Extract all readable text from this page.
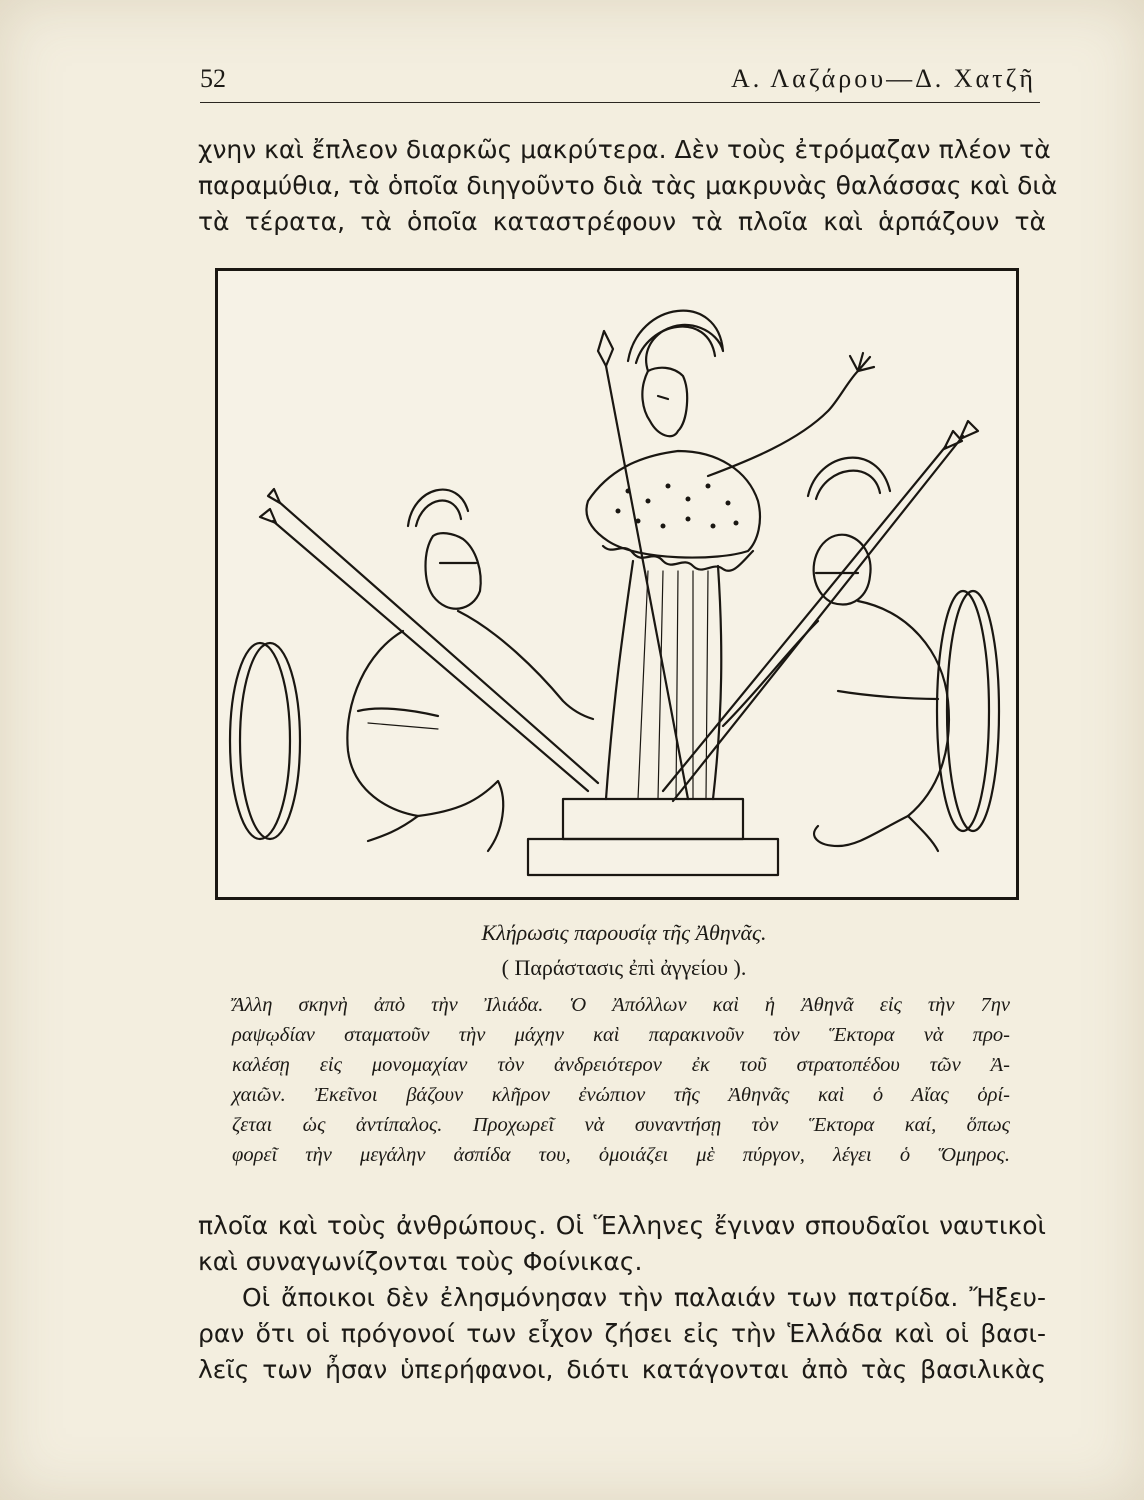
52	Α. Λαζάρου—Δ. Χατζῆ

χνην καὶ ἔπλεον διαρκῶς μακρύτερα. Δὲν τοὺς ἐτρόμαζαν πλέον τὰ
παραμύθια, τὰ ὁποῖα διηγοῦντο διὰ τὰς μακρυνὰς θαλάσσας καὶ διὰ
τὰ τέρατα, τὰ ὁποῖα καταστρέφουν τὰ πλοῖα καὶ ἁρπάζουν τὰ

Κλήρωσις παρουσίᾳ τῆς Ἀθηνᾶς.
( Παράστασις ἐπὶ ἀγγείου ).
Ἄλλη σκηνὴ ἀπὸ τὴν Ἰλιάδα. Ὁ Ἀπόλλων καὶ ἡ Ἀθηνᾶ εἰς τὴν 7ην
ραψῳδίαν σταματοῦν τὴν μάχην καὶ παρακινοῦν τὸν Ἕκτορα νὰ προ-
καλέσῃ εἰς μονομαχίαν τὸν ἀνδρειότερον ἐκ τοῦ στρατοπέδου τῶν Ἀ-
χαιῶν. Ἐκεῖνοι βάζουν κλῆρον ἐνώπιον τῆς Ἀθηνᾶς καὶ ὁ Αἴας ὁρί-
ζεται ὡς ἀντίπαλος. Προχωρεῖ νὰ συναντήσῃ τὸν Ἕκτορα καί, ὅπως
φορεῖ τὴν μεγάλην ἀσπίδα του, ὁμοιάζει μὲ πύργον, λέγει ὁ Ὅμηρος.

πλοῖα καὶ τοὺς ἀνθρώπους. Οἱ Ἕλληνες ἔγιναν σπουδαῖοι ναυτικοὶ
καὶ συναγωνίζονται τοὺς Φοίνικας.
Οἱ ἄποικοι δὲν ἐλησμόνησαν τὴν παλαιάν των πατρίδα. Ἤξευ-
ραν ὅτι οἱ πρόγονοί των εἶχον ζήσει εἰς τὴν Ἑλλάδα καὶ οἱ βασι-
λεῖς των ἦσαν ὑπερήφανοι, διότι κατάγονται ἀπὸ τὰς βασιλικὰς
